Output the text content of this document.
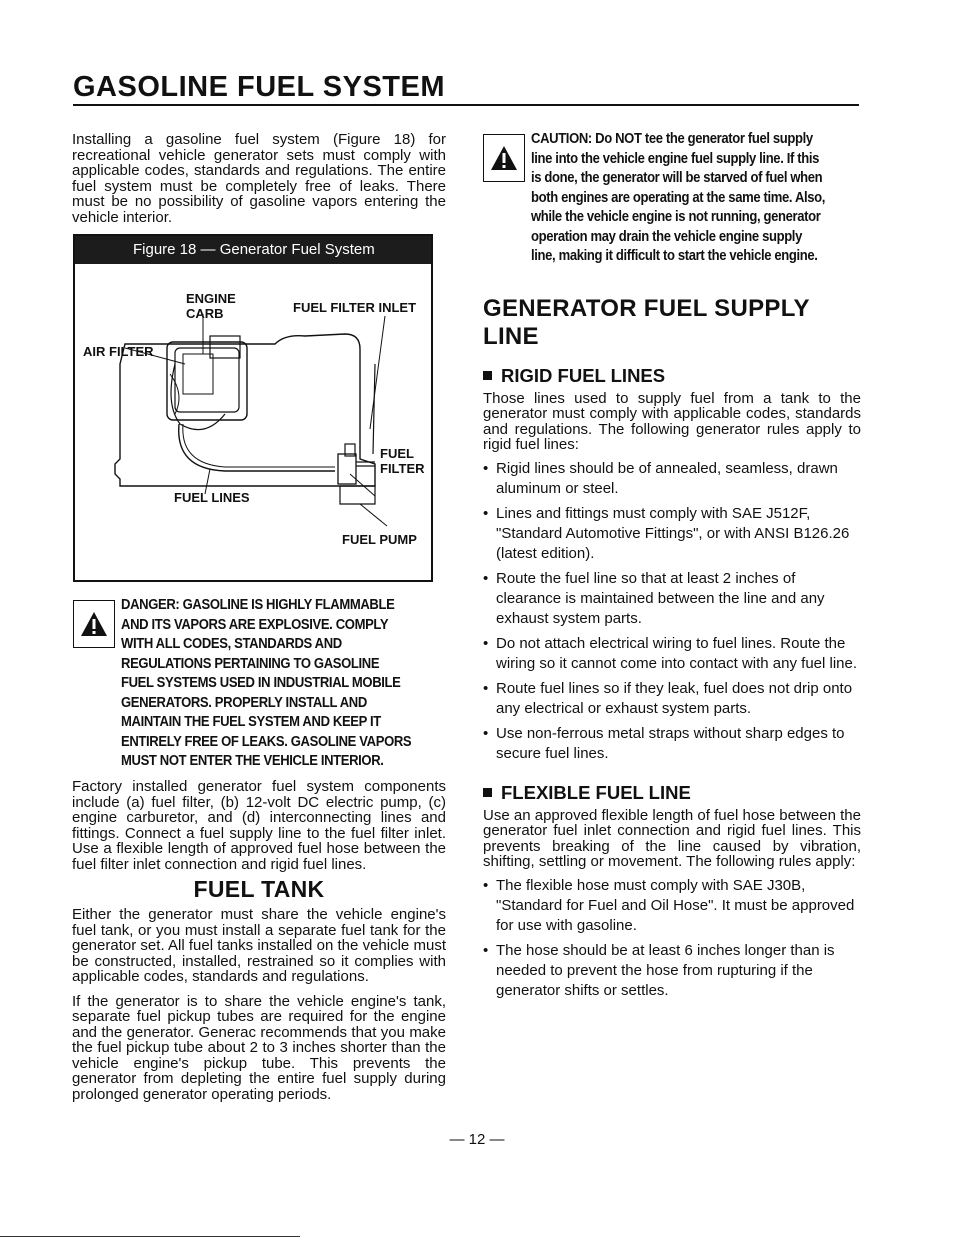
GASOLINE FUEL SYSTEM

Installing a gasoline fuel system (Figure 18) for recreational vehicle generator sets must comply with applicable codes, standards and regulations. The entire fuel system must be completely free of leaks. There must be no possibility of gasoline vapors entering the vehicle interior.

Figure 18 — Generator Fuel System
ENGINE CARB	FUEL FILTER INLET
AIR FILTER
FUEL FILTER
FUEL LINES
FUEL PUMP
DANGER: GASOLINE IS HIGHLY FLAMMABLE AND ITS VAPORS ARE EXPLOSIVE. COMPLY WITH ALL CODES, STANDARDS AND REGULATIONS PERTAINING TO GASOLINE FUEL SYSTEMS USED IN INDUSTRIAL MOBILE GENERATORS. PROPERLY INSTALL AND MAINTAIN THE FUEL SYSTEM AND KEEP IT ENTIRELY FREE OF LEAKS. GASOLINE VAPORS MUST NOT ENTER THE VEHICLE INTERIOR.

Factory installed generator fuel system components include (a) fuel filter, (b) 12-volt DC electric pump, (c) engine carburetor, and (d) interconnecting lines and fittings. Connect a fuel supply line to the fuel filter inlet. Use a flexible length of approved fuel hose between the fuel filter inlet connection and rigid fuel lines.

FUEL TANK

Either the generator must share the vehicle engine's fuel tank, or you must install a separate fuel tank for the generator set. All fuel tanks installed on the vehicle must be constructed, installed, restrained so it complies with applicable codes, standards and regulations.

If the generator is to share the vehicle engine's tank, separate fuel pickup tubes are required for the engine and the generator. Generac recommends that you make the fuel pickup tube about 2 to 3 inches shorter than the vehicle engine's pickup tube. This prevents the generator from depleting the entire fuel supply during prolonged generator operating periods.

CAUTION: Do NOT tee the generator fuel supply line into the vehicle engine fuel supply line. If this is done, the generator will be starved of fuel when both engines are operating at the same time. Also, while the vehicle engine is not running, generator operation may drain the vehicle engine supply line, making it difficult to start the vehicle engine.
GENERATOR FUEL SUPPLY LINE
RIGID FUEL LINES

Those lines used to supply fuel from a tank to the generator must comply with applicable codes, standards and regulations. The following generator rules apply to rigid fuel lines:

• Rigid lines should be of annealed, seamless, drawn aluminum or steel.
• Lines and fittings must comply with SAE J512F, "Standard Automotive Fittings", or with ANSI B126.26 (latest edition).
• Route the fuel line so that at least 2 inches of clearance is maintained between the line and any exhaust system parts.
• Do not attach electrical wiring to fuel lines. Route the wiring so it cannot come into contact with any fuel line.
• Route fuel lines so if they leak, fuel does not drip onto any electrical or exhaust system parts.
• Use non-ferrous metal straps without sharp edges to secure fuel lines.
FLEXIBLE FUEL LINE

Use an approved flexible length of fuel hose between the generator fuel inlet connection and rigid fuel lines. This prevents breaking of the line caused by vibration, shifting, settling or movement. The following rules apply:

• The flexible hose must comply with SAE J30B, "Standard for Fuel and Oil Hose". It must be approved for use with gasoline.
• The hose should be at least 6 inches longer than is needed to prevent the hose from rupturing if the generator shifts or settles.
— 12 —
